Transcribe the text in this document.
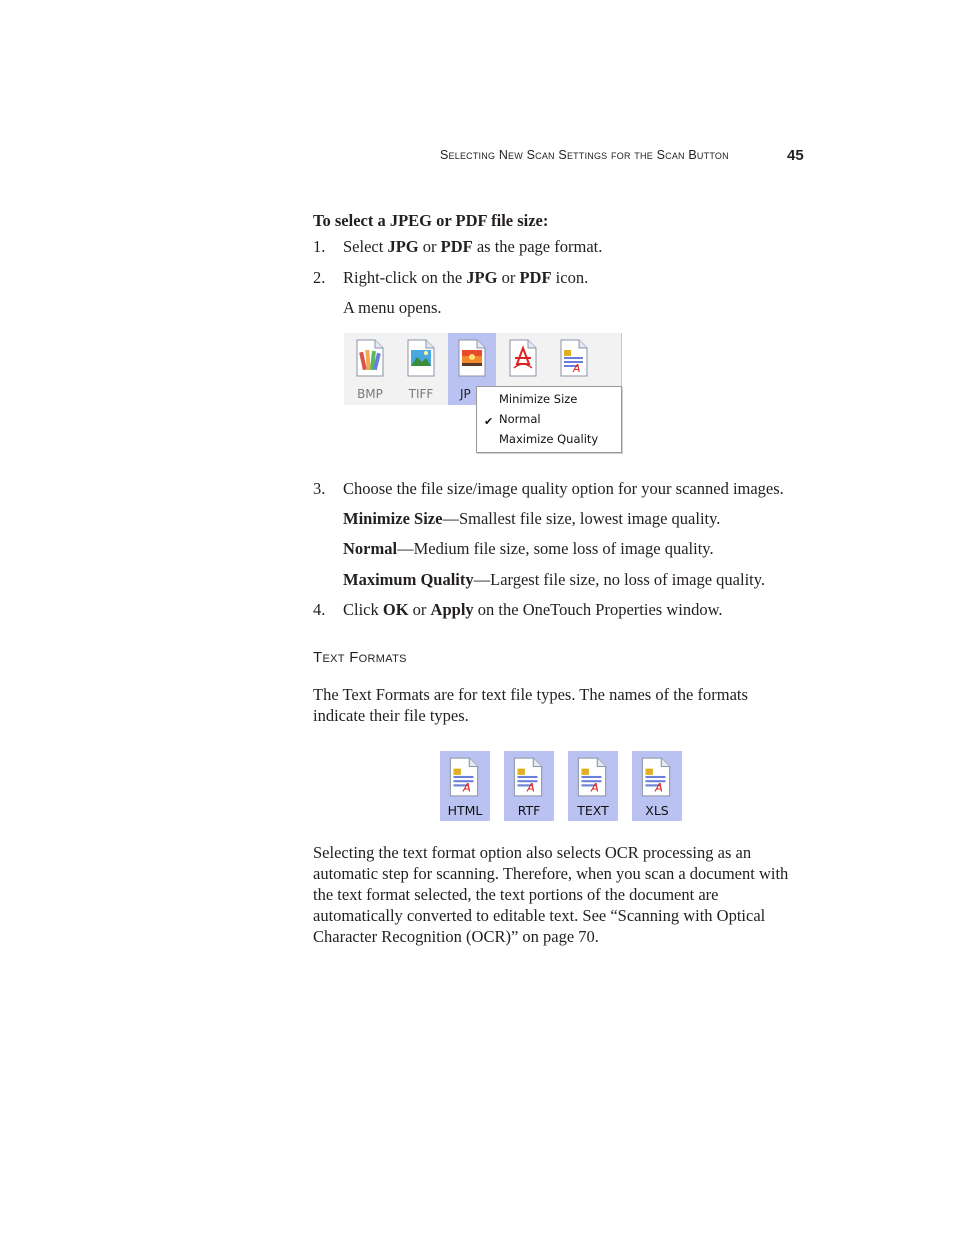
Selecting New Scan Settings for the Scan Button	45
To select a JPEG or PDF file size:
1. Select JPG or PDF as the page format.
2. Right-click on the JPG or PDF icon.
A menu opens.
BMP	TIFF	JP
A
Minimize Size
✔ Normal
Maximize Quality
3. Choose the file size/image quality option for your scanned images.
Minimize Size—Smallest file size, lowest image quality.
Normal—Medium file size, some loss of image quality.
Maximum Quality—Largest file size, no loss of image quality.
4. Click OK or Apply on the OneTouch Properties window.
Text Formats
The Text Formats are for text file types. The names of the formats indicate their file types.
A
HTML
A
RTF
A
TEXT
A
XLS
Selecting the text format option also selects OCR processing as an automatic step for scanning. Therefore, when you scan a document with the text format selected, the text portions of the document are automatically converted to editable text. See “Scanning with Optical Character Recognition (OCR)” on page 70.
